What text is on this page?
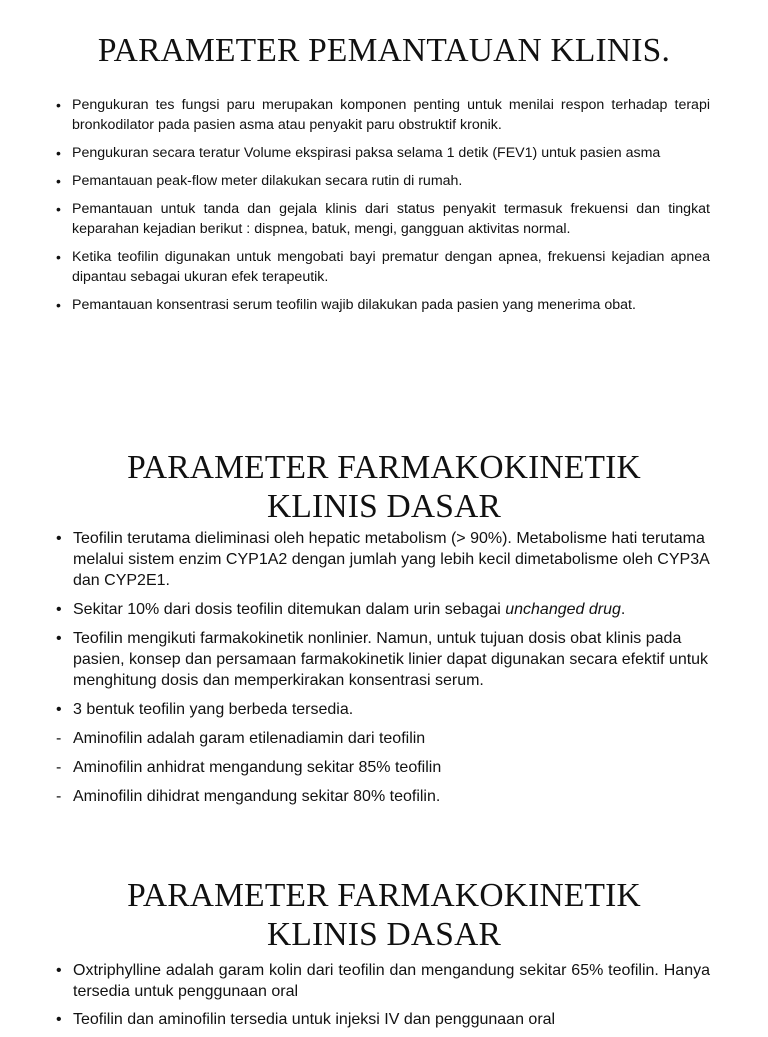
PARAMETER PEMANTAUAN KLINIS.
• Pengukuran tes fungsi paru merupakan komponen penting untuk menilai respon terhadap terapi bronkodilator pada pasien asma atau penyakit paru obstruktif kronik.
• Pengukuran secara teratur Volume ekspirasi paksa selama 1 detik (FEV1) untuk pasien asma
• Pemantauan peak-flow meter dilakukan secara rutin di rumah.
• Pemantauan untuk tanda dan gejala klinis dari status penyakit termasuk frekuensi dan tingkat keparahan kejadian berikut : dispnea, batuk, mengi, gangguan aktivitas normal.
• Ketika teofilin digunakan untuk mengobati bayi prematur dengan apnea, frekuensi kejadian apnea dipantau sebagai ukuran efek terapeutik.
• Pemantauan konsentrasi serum teofilin wajib dilakukan pada pasien yang menerima obat.
PARAMETER FARMAKOKINETIK
KLINIS DASAR
• Teofilin terutama dieliminasi oleh hepatic metabolism (> 90%). Metabolisme hati terutama melalui sistem enzim CYP1A2 dengan jumlah yang lebih kecil dimetabolisme oleh CYP3A dan CYP2E1.
• Sekitar 10% dari dosis teofilin ditemukan dalam urin sebagai unchanged drug.
• Teofilin mengikuti farmakokinetik nonlinier. Namun, untuk tujuan dosis obat klinis pada pasien, konsep dan persamaan farmakokinetik linier dapat digunakan secara efektif untuk menghitung dosis dan memperkirakan konsentrasi serum.
• 3 bentuk teofilin yang berbeda tersedia.
- Aminofilin adalah garam etilenadiamin dari teofilin
- Aminofilin anhidrat mengandung sekitar 85% teofilin
- Aminofilin dihidrat mengandung sekitar 80% teofilin.
PARAMETER FARMAKOKINETIK
KLINIS DASAR
• Oxtriphylline adalah garam kolin dari teofilin dan mengandung sekitar 65% teofilin. Hanya tersedia untuk penggunaan oral
• Teofilin dan aminofilin tersedia untuk injeksi IV dan penggunaan oral
